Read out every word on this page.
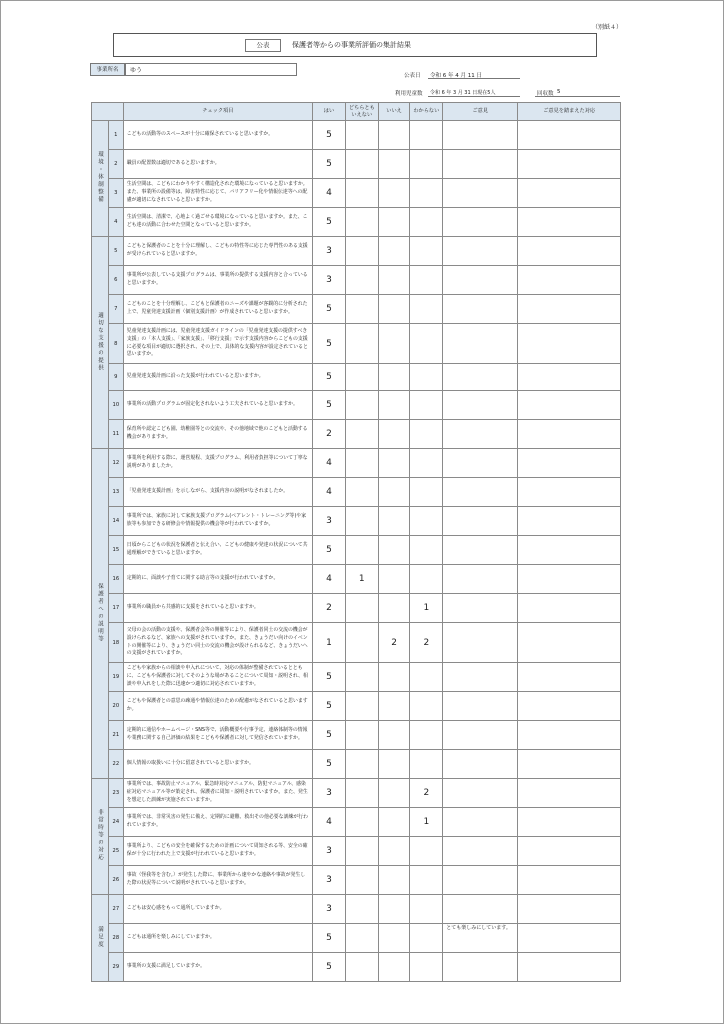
（別紙４）
公表	保護者等からの事業所評価の集計結果
事業所名	ゆう
公表日 令和 6 年 4 月 11 日
利用児童数 令和 6 年 3 月 31 日現在5人	回収数 5
		チェック項目	はい	どちらとも
いえない	いいえ	わからない	ご意見	ご意見を踏まえた対応
環境・体制整備	1	こどもの活動等のスペースが十分に確保されていると思いますか。	5					
	2	職員の配置数は適切であると思いますか。	5					
	3	生活空間は、こどもにわかりやすく構造化された環境になっていると思いますか。また、事業所の設備等は、障害特性に応じて、バリアフリー化や情報伝達等への配慮が適切になされていると思いますか。	4					
	4	生活空間は、清潔で、心地よく過ごせる環境になっていると思いますか。また、こども達の活動に合わせた空間となっていると思いますか。	5					
適切な支援の提供	5	こどもと保護者のことを十分に理解し、こどもの特性等に応じた専門性のある支援が受けられていると思いますか。	3					
	6	事業所が公表している支援プログラムは、事業所の提供する支援内容と合っていると思いますか。	3					
	7	こどものことを十分理解し、こどもと保護者のニーズや課題が客観的に分析された上で、児童発達支援計画（個別支援計画）が作成されていると思いますか。	5					
	8	児童発達支援計画には、児童発達支援ガイドラインの「児童発達支援の提供すべき支援」の「本人支援」、「家族支援」、「移行支援」で示す支援内容からこどもの支援に必要な項目が適切に選択され、その上で、具体的な支援内容が設定されていると思いますか。	5					
	9	児童発達支援計画に沿った支援が行われていると思いますか。	5					
	10	事業所の活動プログラムが固定化されないよう工夫されていると思いますか。	5					
	11	保育所や認定こども園、幼稚園等との交流や、その他地域で他のこどもと活動する機会がありますか。	2					
保護者への説明等	12	事業所を利用する際に、運営規程、支援プログラム、利用者負担等について丁寧な説明がありましたか。	4					
	13	「児童発達支援計画」を示しながら、支援内容の説明がなされましたか。	4					
	14	事業所では、家族に対して家族支援プログラム(ペアレント・トレーニング等)や家族等も参加できる研修会や情報提供の機会等が行われていますか。	3					
	15	日頃からこどもの状況を保護者と伝え合い、こどもの健康や発達の状況について共通理解ができていると思いますか。	5					
	16	定期的に、面談や子育てに関する助言等の支援が行われていますか。	4	1				
	17	事業所の職員から共感的に支援をされていると思いますか。	2			1		
	18	父母の会の活動の支援や、保護者会等の開催等により、保護者同士の交流の機会が設けられるなど、家族への支援がされていますか。また、きょうだい向けのイベントの開催等により、きょうだい同士の交流の機会が設けられるなど、きょうだいへの支援がされていますか。	1		2	2		
	19	こどもや家族からの相談や申入れについて、対応の体制が整備されているとともに、こどもや保護者に対してそのような場があることについて周知・説明され、相談や申入れをした際に迅速かつ適切に対応されていますか。	5					
	20	こどもや保護者との意思の疎通や情報伝達のための配慮がなされていると思いますか。	5					
	21	定期的に通信やホームページ・SNS等で、活動概要や行事予定、連絡体制等の情報や業務に関する自己評価の結果をこどもや保護者に対して発信されていますか。	5					
	22	個人情報の取扱いに十分に留意されていると思いますか。	5					
非常時等の対応	23	事業所では、事故防止マニュアル、緊急時対応マニュアル、防犯マニュアル、感染症対応マニュアル等が策定され、保護者に周知・説明されていますか。また、発生を想定した訓練が実施されていますか。	3			2		
	24	事業所では、非常災害の発生に備え、定期的に避難、救出その他必要な訓練が行われていますか。	4			1		
	25	事業所より、こどもの安全を確保するための計画について周知される等、安全の確保が十分に行われた上で支援が行われていると思いますか。	3					
	26	事故（怪我等を含む。）が発生した際に、事業所から速やかな連絡や事故が発生した際の状況等について説明がされていると思いますか。	3					
満足度	27	こどもは安心感をもって通所していますか。	3					
	28	こどもは通所を楽しみにしていますか。	5				とても楽しみにしています。	
	29	事業所の支援に満足していますか。	5					
